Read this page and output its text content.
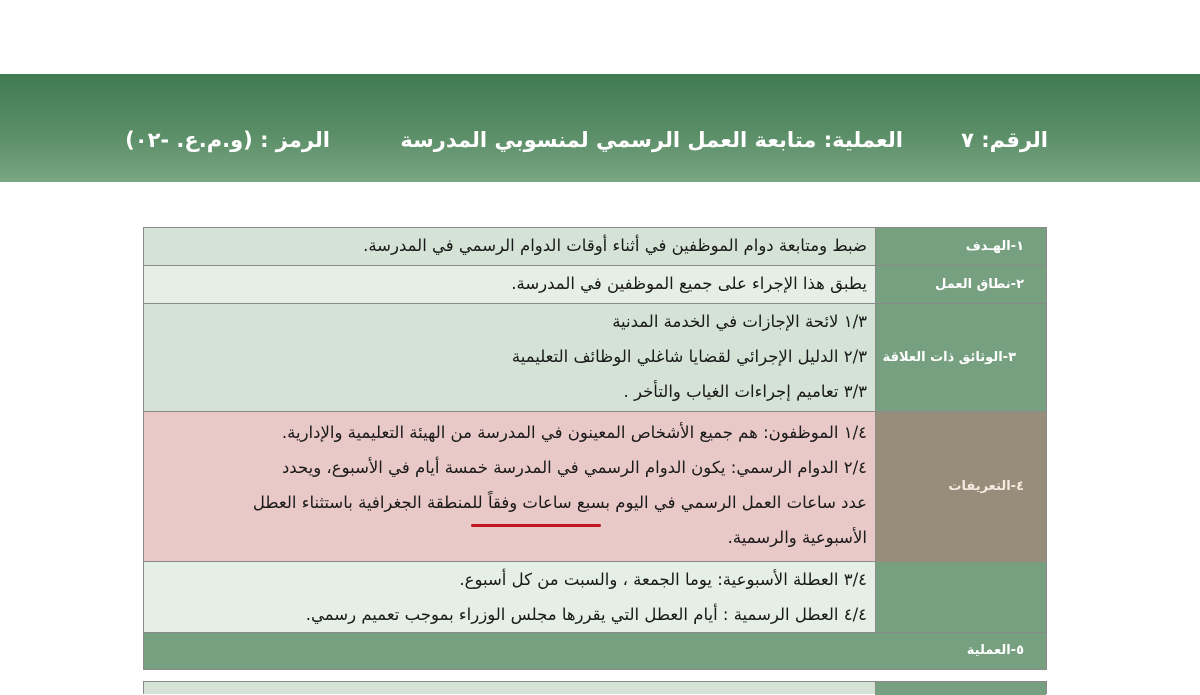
الرقم: ٧
العملية: متابعة العمل الرسمي لمنسوبي المدرسة
الرمز : (و.م.ع. -٠٢)
١-الهـدف
ضبط ومتابعة دوام الموظفين في أثناء أوقات الدوام الرسمي في المدرسة.
٢-نطاق العمل
يطبق هذا الإجراء على جميع الموظفين في المدرسة.
٣-الوثائق ذات العلاقة
١/٣ لائحة الإجازات في الخدمة المدنية
٢/٣ الدليل الإجرائي لقضايا شاغلي الوظائف التعليمية
٣/٣ تعاميم إجراءات الغياب والتأخر .
٤-التعريفات
١/٤ الموظفون: هم جميع الأشخاص المعينون في المدرسة من الهيئة التعليمية والإدارية.
٢/٤ الدوام الرسمي: يكون الدوام الرسمي في المدرسة خمسة أيام في الأسبوع، ويحدد
عدد ساعات العمل الرسمي في اليوم بسبع ساعات وفقاً للمنطقة الجغرافية باستثناء العطل
الأسبوعية والرسمية.
٣/٤ العطلة الأسبوعية: يوما الجمعة ، والسبت من كل أسبوع.
٤/٤ العطل الرسمية : أيام العطل التي يقررها مجلس الوزراء بموجب تعميم رسمي.
٥-العملية
